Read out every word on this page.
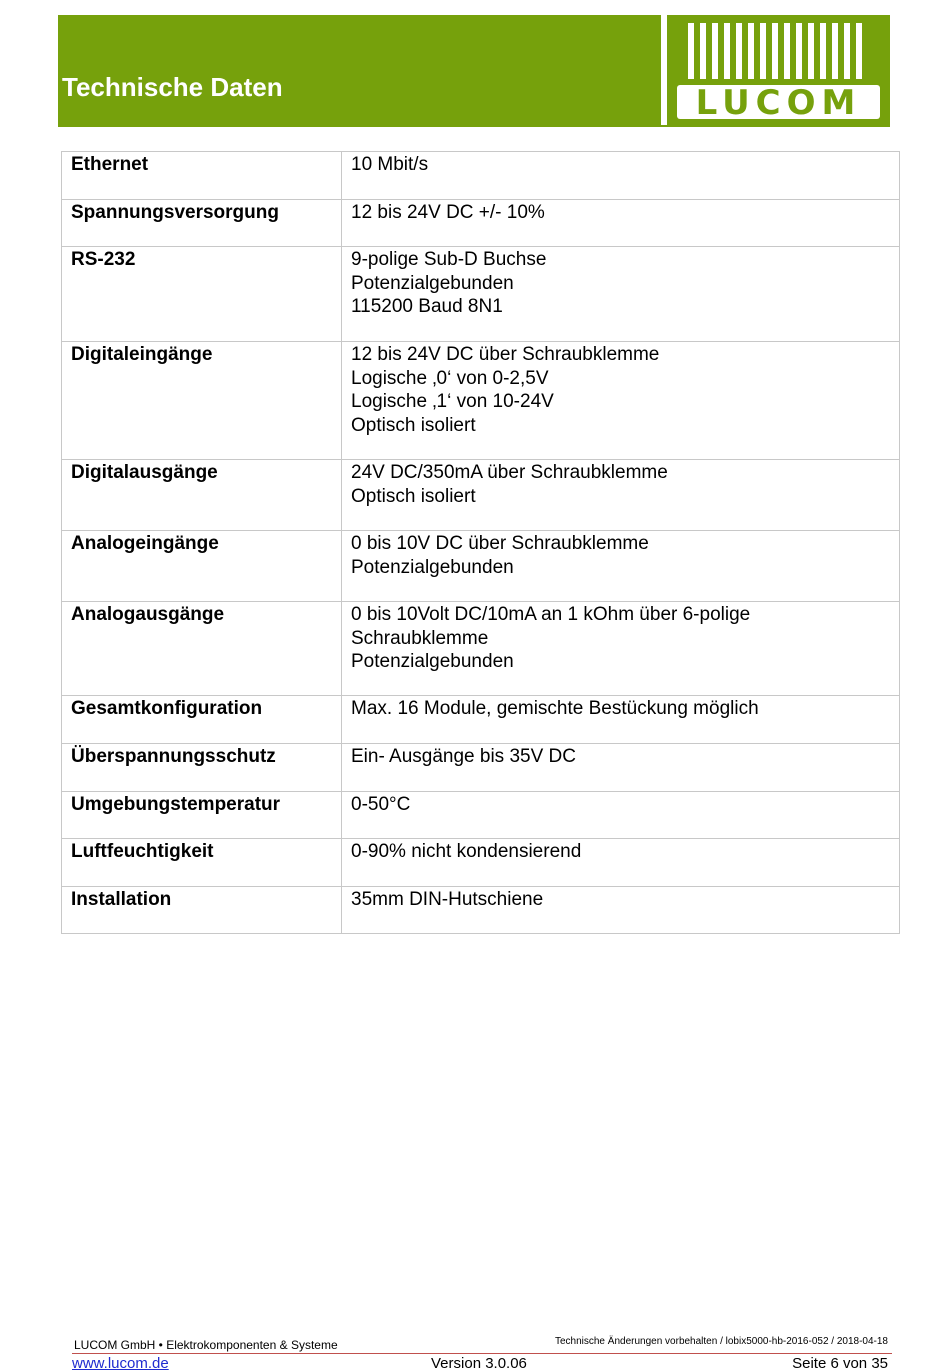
Technische Daten	LUCOM
Ethernet	10 Mbit/s

Spannungsversorgung	12 bis 24V DC +/- 10%

RS-232	9-polige Sub-D Buchse
Potenzialgebunden
115200 Baud 8N1

Digitaleingänge	12 bis 24V DC über Schraubklemme
Logische ‚0‘ von 0-2,5V
Logische ‚1‘ von 10-24V
Optisch isoliert

Digitalausgänge	24V DC/350mA über Schraubklemme
Optisch isoliert

Analogeingänge	0 bis 10V DC über Schraubklemme
Potenzialgebunden

Analogausgänge	0 bis 10Volt DC/10mA an 1 kOhm über 6-polige
Schraubklemme
Potenzialgebunden

Gesamtkonfiguration	Max. 16 Module, gemischte Bestückung möglich

Überspannungsschutz	Ein- Ausgänge bis 35V DC

Umgebungstemperatur	0-50°C

Luftfeuchtigkeit	0-90% nicht kondensierend

Installation	35mm DIN-Hutschiene
LUCOM GmbH • Elektrokomponenten & Systeme	Technische Änderungen vorbehalten / lobix5000-hb-2016-052 / 2018-04-18
www.lucom.de	Version 3.0.06	Seite 6 von 35
